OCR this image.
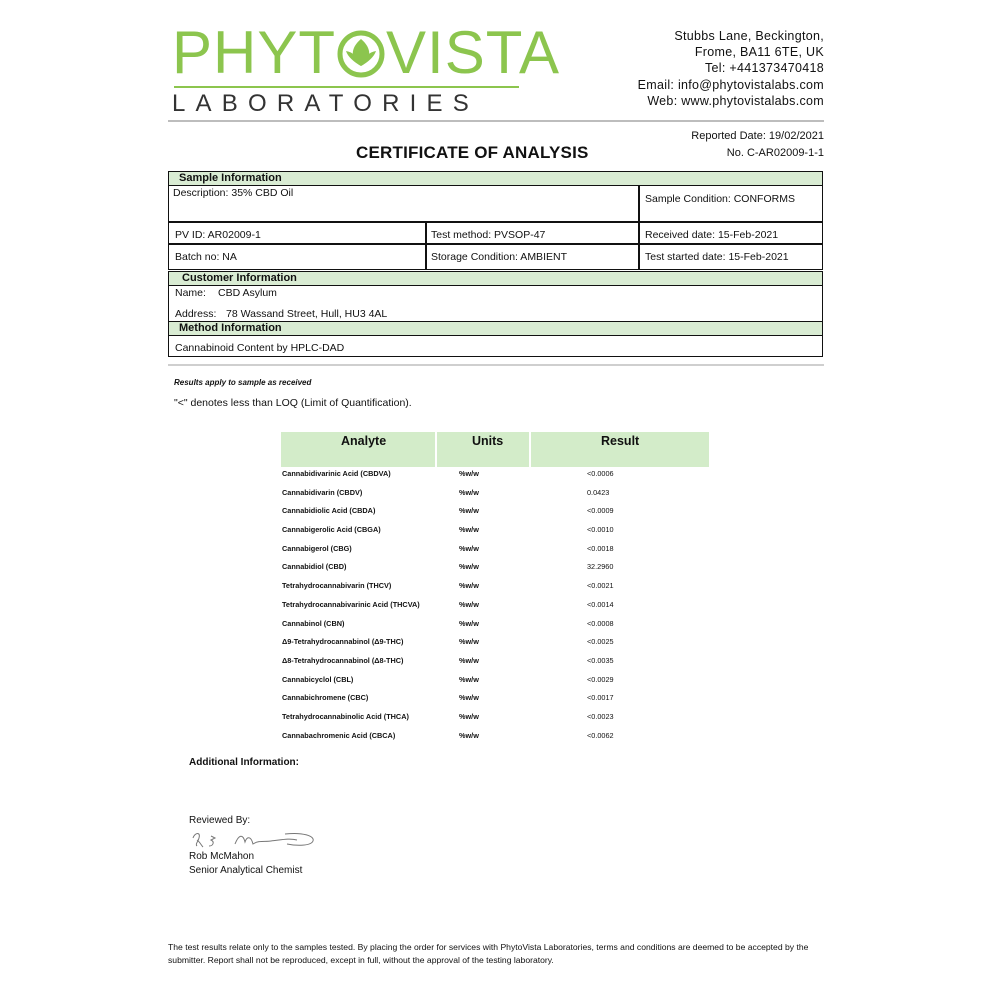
PHYT VISTA
LABORATORIES
Stubbs Lane, Beckington,
Frome, BA11 6TE, UK
Tel: +441373470418
Email: info@phytovistalabs.com
Web: www.phytovistalabs.com
Reported Date: 19/02/2021
No. C-AR02009-1-1
CERTIFICATE OF ANALYSIS
Sample Information
Description: 35% CBD Oil	Sample Condition: CONFORMS
PV ID: AR02009-1	Test method: PVSOP-47	Received date: 15-Feb-2021
Batch no: NA	Storage Condition: AMBIENT	Test started date: 15-Feb-2021
Customer Information
Name: CBD Asylum
Address: 78 Wassand Street, Hull, HU3 4AL
Method Information
Cannabinoid Content by HPLC-DAD
Results apply to sample as received
"<" denotes less than LOQ (Limit of Quantification).
Analyte	Units	Result
Cannabidivarinic Acid (CBDVA)	%w/w	<0.0006
Cannabidivarin (CBDV)	%w/w	0.0423
Cannabidiolic Acid (CBDA)	%w/w	<0.0009
Cannabigerolic Acid (CBGA)	%w/w	<0.0010
Cannabigerol (CBG)	%w/w	<0.0018
Cannabidiol (CBD)	%w/w	32.2960
Tetrahydrocannabivarin (THCV)	%w/w	<0.0021
Tetrahydrocannabivarinic Acid (THCVA)	%w/w	<0.0014
Cannabinol (CBN)	%w/w	<0.0008
Δ9-Tetrahydrocannabinol (Δ9-THC)	%w/w	<0.0025
Δ8-Tetrahydrocannabinol (Δ8-THC)	%w/w	<0.0035
Cannabicyclol (CBL)	%w/w	<0.0029
Cannabichromene (CBC)	%w/w	<0.0017
Tetrahydrocannabinolic Acid (THCA)	%w/w	<0.0023
Cannabachromenic Acid (CBCA)	%w/w	<0.0062
Additional Information:
Reviewed By:
Rob McMahon
Senior Analytical Chemist
The test results relate only to the samples tested. By placing the order for services with PhytoVista Laboratories, terms and conditions are deemed to be accepted by the submitter. Report shall not be reproduced, except in full, without the approval of the testing laboratory.
